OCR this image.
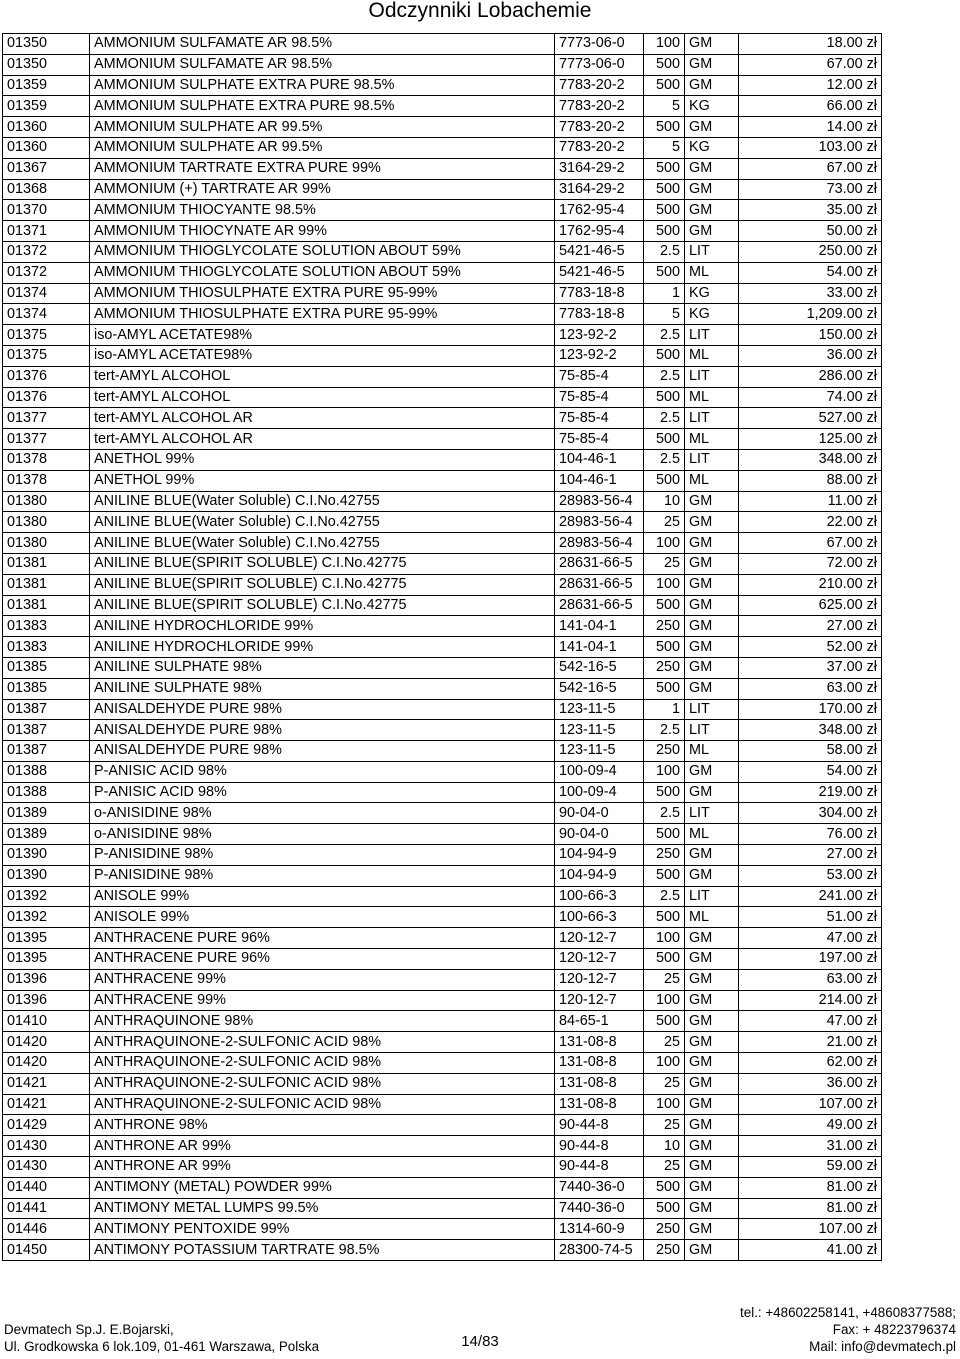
Odczynniki Lobachemie
01350	AMMONIUM SULFAMATE AR 98.5%	7773-06-0	100	GM	18.00 zł
01350	AMMONIUM SULFAMATE AR 98.5%	7773-06-0	500	GM	67.00 zł
01359	AMMONIUM SULPHATE EXTRA PURE 98.5%	7783-20-2	500	GM	12.00 zł
01359	AMMONIUM SULPHATE EXTRA PURE 98.5%	7783-20-2	5	KG	66.00 zł
01360	AMMONIUM SULPHATE AR 99.5%	7783-20-2	500	GM	14.00 zł
01360	AMMONIUM SULPHATE AR 99.5%	7783-20-2	5	KG	103.00 zł
01367	AMMONIUM TARTRATE EXTRA PURE 99%	3164-29-2	500	GM	67.00 zł
01368	AMMONIUM (+) TARTRATE AR 99%	3164-29-2	500	GM	73.00 zł
01370	AMMONIUM THIOCYANTE 98.5%	1762-95-4	500	GM	35.00 zł
01371	AMMONIUM THIOCYNATE AR 99%	1762-95-4	500	GM	50.00 zł
01372	AMMONIUM THIOGLYCOLATE SOLUTION ABOUT 59%	5421-46-5	2.5	LIT	250.00 zł
01372	AMMONIUM THIOGLYCOLATE SOLUTION ABOUT 59%	5421-46-5	500	ML	54.00 zł
01374	AMMONIUM THIOSULPHATE EXTRA PURE 95-99%	7783-18-8	1	KG	33.00 zł
01374	AMMONIUM THIOSULPHATE EXTRA PURE 95-99%	7783-18-8	5	KG	1,209.00 zł
01375	iso-AMYL ACETATE98%	123-92-2	2.5	LIT	150.00 zł
01375	iso-AMYL ACETATE98%	123-92-2	500	ML	36.00 zł
01376	tert-AMYL ALCOHOL	75-85-4	2.5	LIT	286.00 zł
01376	tert-AMYL ALCOHOL	75-85-4	500	ML	74.00 zł
01377	tert-AMYL ALCOHOL AR	75-85-4	2.5	LIT	527.00 zł
01377	tert-AMYL ALCOHOL AR	75-85-4	500	ML	125.00 zł
01378	ANETHOL 99%	104-46-1	2.5	LIT	348.00 zł
01378	ANETHOL 99%	104-46-1	500	ML	88.00 zł
01380	ANILINE BLUE(Water Soluble) C.I.No.42755	28983-56-4	10	GM	11.00 zł
01380	ANILINE BLUE(Water Soluble) C.I.No.42755	28983-56-4	25	GM	22.00 zł
01380	ANILINE BLUE(Water Soluble) C.I.No.42755	28983-56-4	100	GM	67.00 zł
01381	ANILINE BLUE(SPIRIT SOLUBLE) C.I.No.42775	28631-66-5	25	GM	72.00 zł
01381	ANILINE BLUE(SPIRIT SOLUBLE) C.I.No.42775	28631-66-5	100	GM	210.00 zł
01381	ANILINE BLUE(SPIRIT SOLUBLE) C.I.No.42775	28631-66-5	500	GM	625.00 zł
01383	ANILINE HYDROCHLORIDE 99%	141-04-1	250	GM	27.00 zł
01383	ANILINE HYDROCHLORIDE 99%	141-04-1	500	GM	52.00 zł
01385	ANILINE SULPHATE 98%	542-16-5	250	GM	37.00 zł
01385	ANILINE SULPHATE 98%	542-16-5	500	GM	63.00 zł
01387	ANISALDEHYDE PURE 98%	123-11-5	1	LIT	170.00 zł
01387	ANISALDEHYDE PURE 98%	123-11-5	2.5	LIT	348.00 zł
01387	ANISALDEHYDE PURE 98%	123-11-5	250	ML	58.00 zł
01388	P-ANISIC ACID 98%	100-09-4	100	GM	54.00 zł
01388	P-ANISIC ACID 98%	100-09-4	500	GM	219.00 zł
01389	o-ANISIDINE 98%	90-04-0	2.5	LIT	304.00 zł
01389	o-ANISIDINE 98%	90-04-0	500	ML	76.00 zł
01390	P-ANISIDINE 98%	104-94-9	250	GM	27.00 zł
01390	P-ANISIDINE 98%	104-94-9	500	GM	53.00 zł
01392	ANISOLE 99%	100-66-3	2.5	LIT	241.00 zł
01392	ANISOLE 99%	100-66-3	500	ML	51.00 zł
01395	ANTHRACENE PURE 96%	120-12-7	100	GM	47.00 zł
01395	ANTHRACENE PURE 96%	120-12-7	500	GM	197.00 zł
01396	ANTHRACENE 99%	120-12-7	25	GM	63.00 zł
01396	ANTHRACENE 99%	120-12-7	100	GM	214.00 zł
01410	ANTHRAQUINONE 98%	84-65-1	500	GM	47.00 zł
01420	ANTHRAQUINONE-2-SULFONIC ACID 98%	131-08-8	25	GM	21.00 zł
01420	ANTHRAQUINONE-2-SULFONIC ACID 98%	131-08-8	100	GM	62.00 zł
01421	ANTHRAQUINONE-2-SULFONIC ACID 98%	131-08-8	25	GM	36.00 zł
01421	ANTHRAQUINONE-2-SULFONIC ACID 98%	131-08-8	100	GM	107.00 zł
01429	ANTHRONE 98%	90-44-8	25	GM	49.00 zł
01430	ANTHRONE AR 99%	90-44-8	10	GM	31.00 zł
01430	ANTHRONE AR 99%	90-44-8	25	GM	59.00 zł
01440	ANTIMONY (METAL) POWDER 99%	7440-36-0	500	GM	81.00 zł
01441	ANTIMONY METAL LUMPS 99.5%	7440-36-0	500	GM	81.00 zł
01446	ANTIMONY PENTOXIDE 99%	1314-60-9	250	GM	107.00 zł
01450	ANTIMONY POTASSIUM TARTRATE 98.5%	28300-74-5	250	GM	41.00 zł
Devmatech Sp.J. E.Bojarski,
Ul. Grodkowska 6 lok.109, 01-461 Warszawa, Polska	14/83
tel.: +48602258141, +48608377588;
Fax: + 48223796374
Mail: info@devmatech.pl
